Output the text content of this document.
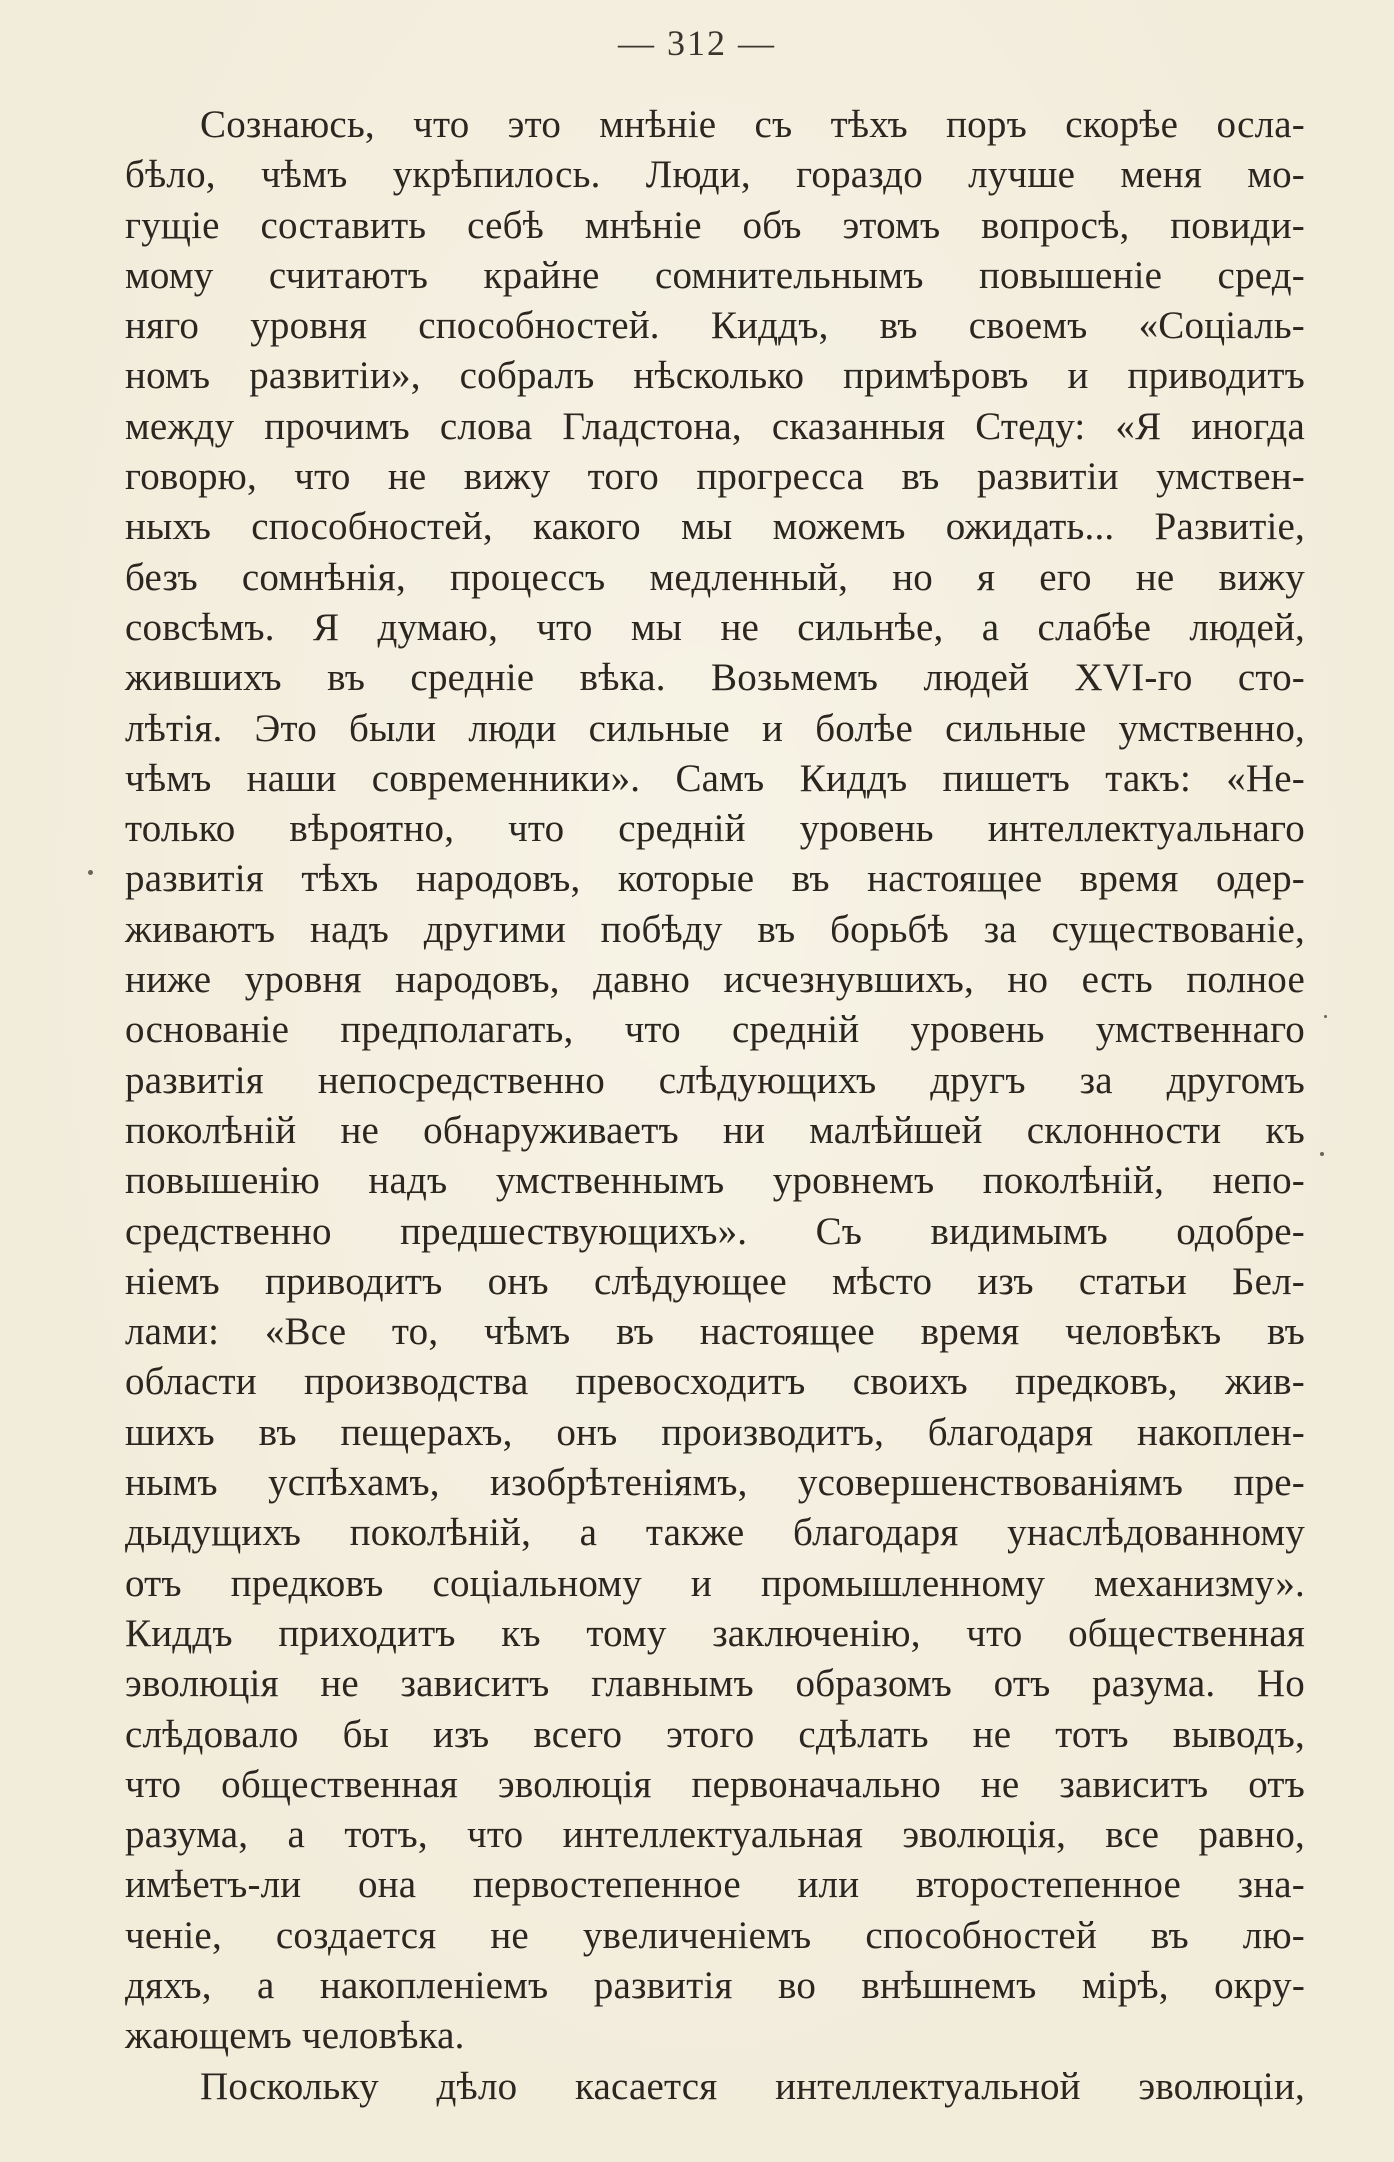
— 312 —
Сознаюсь, что это мнѣніе съ тѣхъ поръ скорѣе осла-
бѣло, чѣмъ укрѣпилось. Люди, гораздо лучше меня мо-
гущіе составить себѣ мнѣніе объ этомъ вопросѣ, повиди-
мому считаютъ крайне сомнительнымъ повышеніе сред-
няго уровня способностей. Киддъ, въ своемъ «Соціаль-
номъ развитіи», собралъ нѣсколько примѣровъ и приводитъ
между прочимъ слова Гладстона, сказанныя Стеду: «Я иногда
говорю, что не вижу того прогресса въ развитіи умствен-
ныхъ способностей, какого мы можемъ ожидать... Развитіе,
безъ сомнѣнія, процессъ медленный, но я его не вижу
совсѣмъ. Я думаю, что мы не сильнѣе, а слабѣе людей,
жившихъ въ средніе вѣка. Возьмемъ людей XVI-го сто-
лѣтія. Это были люди сильные и болѣе сильные умственно,
чѣмъ наши современники». Самъ Киддъ пишетъ такъ: «Не-
только вѣроятно, что средній уровень интеллектуальнаго
развитія тѣхъ народовъ, которые въ настоящее время одер-
живаютъ надъ другими побѣду въ борьбѣ за существованіе,
ниже уровня народовъ, давно исчезнувшихъ, но есть полное
основаніе предполагать, что средній уровень умственнаго
развитія непосредственно слѣдующихъ другъ за другомъ
поколѣній не обнаруживаетъ ни малѣйшей склонности къ
повышенію надъ умственнымъ уровнемъ поколѣній, непо-
средственно предшествующихъ». Съ видимымъ одобре-
ніемъ приводитъ онъ слѣдующее мѣсто изъ статьи Бел-
лами: «Все то, чѣмъ въ настоящее время человѣкъ въ
области производства превосходитъ своихъ предковъ, жив-
шихъ въ пещерахъ, онъ производитъ, благодаря накоплен-
нымъ успѣхамъ, изобрѣтеніямъ, усовершенствованіямъ пре-
дыдущихъ поколѣній, а также благодаря унаслѣдованному
отъ предковъ соціальному и промышленному механизму».
Киддъ приходитъ къ тому заключенію, что общественная
эволюція не зависитъ главнымъ образомъ отъ разума. Но
слѣдовало бы изъ всего этого сдѣлать не тотъ выводъ,
что общественная эволюція первоначально не зависитъ отъ
разума, а тотъ, что интеллектуальная эволюція, все равно,
имѣетъ-ли она первостепенное или второстепенное зна-
ченіе, создается не увеличеніемъ способностей въ лю-
дяхъ, а накопленіемъ развитія во внѣшнемъ мірѣ, окру-
жающемъ человѣка.
Поскольку дѣло касается интеллектуальной эволюціи,
